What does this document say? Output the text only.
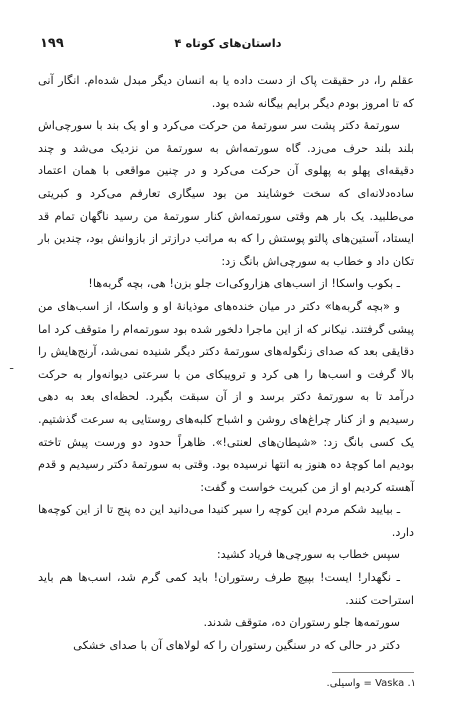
۱۹۹	داستان‌های کوتاه ۴

عقلم را، در حقیقت پاک از دست داده یا به انسان دیگر مبدل شده‌ام. انگار آنی که تا امروز بودم دیگر برایم بیگانه شده بود.

سورتمهٔ دکتر پشت سر سورتمهٔ من حرکت می‌کرد و او یک بند با سورچی‌اش بلند بلند حرف می‌زد. گاه سورتمه‌اش به سورتمهٔ من نزدیک می‌شد و چند دقیقه‌ای پهلو به پهلوی آن حرکت می‌کرد و در چنین مواقعی با همان اعتماد ساده‌دلانه‌ای که سخت خوشایند من بود سیگاری تعارفم می‌کرد و کبریتی می‌طلبید. یک بار هم وقتی سورتمه‌اش کنار سورتمهٔ من رسید ناگهان تمام قد ایستاد، آستین‌های پالتو پوستش را که به مراتب درازتر از بازوانش بود، چندین بار تکان داد و خطاب به سورچی‌اش بانگ زد:

ـ بکوب واسکا! از اسب‌های هزاروکی‌ات جلو بزن! هی، بچه گربه‌ها!

و «بچه گربه‌ها» دکتر در میان خنده‌های موذیانهٔ او و واسکا، از اسب‌های من پیشی گرفتند. نیکانر که از این ماجرا دلخور شده بود سورتمه‌ام را متوقف کرد اما دقایقی بعد که صدای زنگوله‌های سورتمهٔ دکتر دیگر شنیده نمی‌شد، آرنج‌هایش را بالا گرفت و اسب‌ها را هی کرد و تروییکای من با سرعتی دیوانه‌وار به حرکت درآمد تا به سورتمهٔ دکتر برسد و از آن سبقت بگیرد. لحظه‌ای بعد به دهی رسیدیم و از کنار چراغ‌های روشن و اشباح کلبه‌های روستایی به سرعت گذشتیم. یک کسی بانگ زد: «شیطان‌های لعنتی!». ظاهراً حدود دو ورست پیش تاخته بودیم اما کوچهٔ ده هنوز به انتها نرسیده بود. وقتی به سورتمهٔ دکتر رسیدیم و قدم آهسته کردیم او از من کبریت خواست و گفت:

ـ بیایید شکم مردم این کوچه را سیر کنیدا می‌دانید این ده پنج تا از این کوچه‌ها دارد.

سپس خطاب به سورچی‌ها فریاد کشید:

ـ نگهدار! ایست! بپیچ طرف رستوران! باید کمی گرم شد، اسب‌ها هم باید استراحت کنند.

سورتمه‌ها جلو رستوران ده، متوقف شدند.

دکتر در حالی که در سنگین رستوران را که لولاهای آن با صدای خشکی

ـ
۱. Vaska = واسیلی.
